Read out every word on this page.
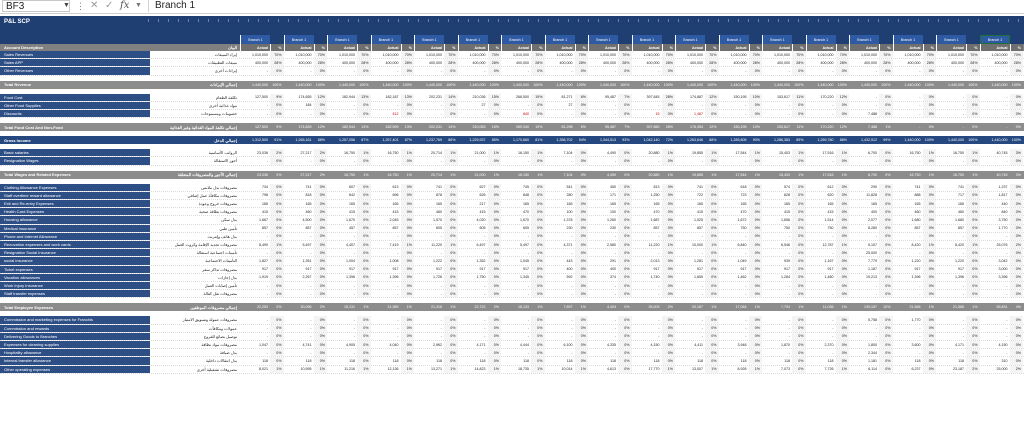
BF3	▼ ⋮ ✕ ✓ fx ▼	Branch 1
P&L SCP
Branch 1	Branch 1	Branch 1	Branch 1	Branch 1	Branch 1	Branch 1	Branch 1	Branch 1	Branch 1	Branch 1	Branch 1	Branch 1	Branch 1	Branch 1	Branch 1	Branch 1	Branch 1
Account Description	البيان	Actual	%	Actual	%	Actual	%	Actual	%	Actual	%	Actual	%	Actual	%	Actual	%	Actual	%	Actual	%	Actual	%	Actual	%	Actual	%	Actual	%	Actual	%	Actual	%	Actual	%	Actual	%
Sales Revenues	إيراد المبيعات	1,010,000	70%	1,010,000	70%	1,010,000	70%	1,010,000	70%	1,010,000	70%	1,010,000	70%	1,010,000	70%	1,010,000	70%	1,010,000	70%	1,010,000	70%	1,010,000	70%	1,010,000	70%	1,010,000	70%	1,010,000	70%	1,010,000	70%	1,010,000	70%	1,010,000	70%	1,010,000	70%
Sales APP	مبيعات التطبيقات	400,000	28%	400,000	28%	400,000	28%	400,000	28%	400,000	28%	400,000	28%	400,000	28%	400,000	28%	400,000	28%	400,000	28%	400,000	28%	400,000	28%	400,000	28%	400,000	28%	400,000	28%	400,000	28%	400,000	28%	400,000	28%
Other Revenues	إيرادات أخرى	-	0%	-	0%	-	0%	-	0%	-	0%	-	0%	-	0%	-	0%	-	0%	-	0%	-	0%	-	0%	-	0%	-	0%	-	0%	-	0%	-	0%	-	0%
Total Revenue	إجمالي الإيرادات	1,440,000	100%	1,440,000	100%	1,440,000	100%	1,440,000	100%	1,440,000	100%	1,440,000	100%	1,440,000	100%	1,440,000	100%	1,440,000	100%	1,440,000	100%	1,440,000	100%	1,440,000	100%	1,440,000	100%	1,440,000	100%	1,440,000	100%	1,440,000	100%	1,440,000	100%	1,440,000	100%
Food Cost	تكلفة الطعام	127,500	9%	174,655	12%	182,944	13%	182,187	13%	202,231	14%	210,036	15%	268,500	19%	81,271	6%	95,487	7%	397,845	28%	174,887	12%	150,195	10%	153,617	11%	170,220	12%	-	0%	-	0%	-	0%	-	0%
Other Food Supplies	مواد غذائية أخرى	-	0%	184	0%	-	0%	-	0%	-	0%	27	0%	-	0%	27	0%	-	0%	-	0%	-	0%	-	0%	-	0%	-	0%	-	0%	-	0%	-	0%	-	0%
Discounts	خصومات ومسموحات	-	0%	-	0%	-	0%	412	0%	-	0%	-	0%	840	0%	-	0%	-	0%	15	0%	1,467	0%	-	0%	-	0%	-	0%	7,488	0%	-	0%	-	0%	-	0%
Total Food Cost And Non-Food	إجمالي تكلفة المواد الغذائية وغير الغذائية	127,500	9%	174,839	12%	182,944	13%	182,599	13%	202,231	14%	210,063	15%	269,340	19%	81,298	6%	95,487	7%	397,860	28%	176,354	12%	150,195	10%	153,617	11%	170,220	12%	7,488	1%	-	0%	-	0%	-	0%
Gross Income	إجمالي الدخل	1,312,500	91%	1,265,161	88%	1,257,056	87%	1,257,401	87%	1,237,769	86%	1,229,937	85%	1,170,660	81%	1,358,702	94%	1,344,513	93%	1,042,140	72%	1,263,646	88%	1,289,805	90%	1,286,383	89%	1,269,780	88%	1,432,512	99%	1,440,000	100%	1,440,000	100%	1,440,000	100%
Basic salaries	الرواتب الأساسية	23,036	2%	27,217	2%	16,750	1%	16,750	1%	20,714	1%	21,000	1%	16,150	1%	7,104	0%	4,490	0%	20,880	1%	19,855	1%	17,544	1%	15,403	1%	17,516	1%	6,700	0%	16,750	1%	16,750	1%	40,745	3%
Resignation Wages	أجور الاستقالة	-	0%	-	0%	-	0%	-	0%	-	0%	-	0%	-	0%	-	0%	-	0%	-	0%	-	0%	-	0%	-	0%	-	0%	-	0%	-	0%	-	0%	-	0%
Total Wages and Related Expenses	إجمالي الأجور والمصروفات المتعلقة	23,036	2%	27,217	2%	16,750	1%	16,750	1%	20,714	1%	21,000	1%	16,150	1%	7,104	0%	4,490	0%	20,880	1%	19,855	1%	17,544	1%	15,403	1%	17,516	1%	6,700	0%	16,750	1%	16,750	1%	40,745	3%
Clothing Allowance Expenses	مصروفات بدل ملابس	734	0%	741	0%	607	0%	613	0%	741	0%	627	0%	745	0%	541	0%	450	0%	813	0%	741	0%	618	0%	574	0%	612	0%	290	0%	741	0%	741	0%	1,237	0%
Staff overtime reward allowance	مصروفات مكافأة عمل إضافي	798	0%	818	0%	642	0%	696	0%	878	0%	626	0%	848	0%	280	0%	171	0%	1,250	0%	722	0%	723	0%	628	0%	620	0%	11,828	0%	888	0%	717	0%	1,817	0%
Exit and Re-entry Expenses	مصروفات خروج وعودة	165	0%	165	0%	165	0%	165	0%	165	0%	217	0%	165	0%	165	0%	165	0%	165	0%	165	0%	165	0%	165	0%	165	0%	165	0%	165	0%	165	0%	440	0%
Health Card Expenses	مصروفات بطاقة صحية	415	0%	460	0%	415	0%	415	0%	460	0%	415	0%	470	0%	100	0%	100	0%	470	0%	415	0%	470	0%	415	0%	415	0%	400	0%	460	0%	460	0%	840	0%
Housing allowance	بدل سكن	1,667	0%	4,500	0%	1,670	0%	2,045	0%	1,570	0%	4,020	0%	1,670	0%	1,378	0%	1,260	0%	1,687	0%	1,525	0%	1,672	0%	1,656	0%	1,514	0%	2,077	0%	1,680	0%	1,680	0%	3,750	0%
Medical insurance	تأمين طبي	857	0%	857	0%	457	0%	857	0%	605	0%	605	0%	605	0%	230	0%	230	0%	857	0%	857	0%	750	0%	750	0%	750	0%	8,280	0%	857	0%	857	0%	1,770	0%
Phone and Internet Allowance	بدل هاتف وإنترنت	-	0%	-	0%	-	0%	-	0%	-	0%	-	0%	-	0%	-	0%	-	0%	-	0%	-	0%	-	0%	-	0%	-	0%	-	0%	-	0%	-	0%	-	0%
Renovation expenses and work cards	مصروفات تجديد الإقامة وكروت العمل	8,490	1%	5,497	0%	4,407	0%	7,419	1%	11,220	1%	6,497	0%	5,497	0%	4,371	0%	2,580	0%	11,220	1%	10,000	1%	6,840	0%	6,546	0%	12,787	1%	5,107	0%	8,420	1%	8,420	1%	25,076	2%
Resignation Social Insurance	تأمينات اجتماعية استقالة	-	0%	-	0%	-	0%	-	0%	-	0%	-	0%	-	0%	-	0%	-	0%	-	0%	-	0%	-	0%	-	0%	-	0%	25,000	0%	-	0%	-	0%	-	0%
social insurance	التأمينات الاجتماعية	1,827	0%	1,351	0%	1,004	0%	1,008	0%	1,222	0%	1,352	0%	1,045	0%	443	0%	291	0%	2,013	0%	1,281	0%	1,049	0%	939	0%	1,167	0%	7,779	0%	1,220	0%	1,220	0%	3,042	0%
Ticket expenses	مصروفات تذاكر سفر	917	0%	917	0%	917	0%	917	0%	917	0%	917	0%	917	0%	400	0%	400	0%	917	0%	917	0%	917	0%	917	0%	917	0%	1,187	0%	917	0%	917	0%	3,000	0%
Vacation allowances	بدل إجازات	1,919	0%	2,267	0%	1,396	0%	1,396	0%	1,726	0%	1,750	0%	1,345	0%	592	0%	374	0%	1,740	0%	1,655	0%	1,462	0%	1,284	0%	1,460	0%	19,213	0%	1,396	0%	1,396	0%	3,396	0%
Work Injury Insurance	تأمين إصابات العمل	-	0%	-	0%	-	0%	-	0%	-	0%	-	0%	-	0%	-	0%	-	0%	-	0%	-	0%	-	0%	-	0%	-	0%	-	0%	-	0%	-	0%	-	0%
Staff transfer expenses	مصروفات نقل كفالة	-	0%	-	0%	-	0%	-	0%	-	0%	-	0%	-	0%	-	0%	-	0%	-	0%	-	0%	-	0%	-	0%	-	0%	-	0%	-	0%	-	0%	-	0%
Total Employee Expenses	إجمالي مصروفات الموظفين	22,253	2%	30,096	2%	15,131	1%	21,389	1%	21,316	1%	22,722	2%	16,133	1%	7,897	1%	4,404	0%	35,009	2%	20,167	1%	17,064	1%	7,793	1%	11,036	1%	139,157	10%	21,566	1%	21,566	1%	59,831	4%
Commission and marketing expenses for Franchis	مصروفات عمولة وتسويق الامتياز	-	0%	-	0%	-	0%	-	0%	-	0%	-	0%	-	0%	-	0%	-	0%	-	0%	-	0%	-	0%	-	0%	-	0%	5,758	0%	1,770	0%	-	0%	-	0%
Commission and rewards	عمولات ومكافآت	-	0%	-	0%	-	0%	-	0%	-	0%	-	0%	-	0%	-	0%	-	0%	-	0%	-	0%	-	0%	-	0%	-	0%	-	0%	-	0%	-	0%	-	0%
Delivering Goods to Branches	توصيل بضائع للفروع	-	0%	-	0%	-	0%	-	0%	-	0%	-	0%	-	0%	-	0%	-	0%	-	0%	-	0%	-	0%	-	0%	-	0%	-	0%	-	0%	-	0%	-	0%
Expenses for cleaning supplies	مصروفات مواد نظافة	1,047	0%	4,741	0%	4,905	0%	4,040	0%	2,962	0%	4,171	0%	4,444	0%	6,100	0%	4,335	0%	4,150	0%	4,411	0%	3,948	0%	1,870	0%	2,370	0%	1,800	0%	3,600	0%	4,171	0%	4,150	0%
Hospitality allowance	بدل ضيافة	-	0%	-	0%	-	0%	-	0%	-	0%	-	0%	-	0%	-	0%	-	0%	-	0%	-	0%	-	0%	-	0%	-	0%	2,344	0%	-	0%	-	0%	-	0%
Internal transfer allowance	بدل انتقالات داخلية	118	0%	118	0%	118	0%	118	0%	118	0%	118	0%	118	0%	118	0%	118	0%	118	0%	118	0%	118	0%	118	0%	118	0%	1,181	0%	118	0%	118	0%	310	0%
Other operating expenses	مصروفات تشغيلية أخرى	8,021	1%	10,595	1%	11,216	1%	12,136	1%	13,271	1%	14,823	1%	18,735	1%	10,014	1%	4,613	0%	17,770	1%	13,007	1%	8,928	1%	7,073	0%	7,726	1%	6,114	0%	6,237	0%	23,187	2%	25,000	2%
